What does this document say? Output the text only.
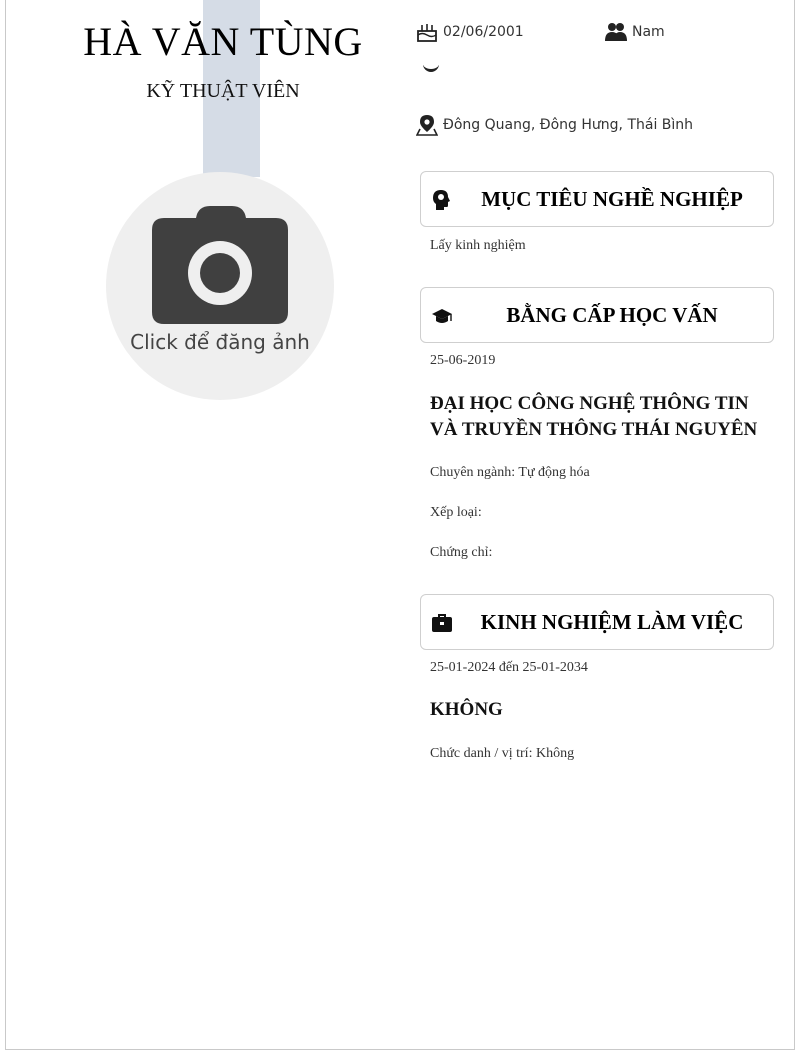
HÀ VĂN TÙNG
KỸ THUẬT VIÊN
Click để đăng ảnh
02/06/2001	Nam
Đông Quang, Đông Hưng, Thái Bình
MỤC TIÊU NGHỀ NGHIỆP
Lấy kinh nghiệm
BẰNG CẤP HỌC VẤN
25-06-2019
ĐẠI HỌC CÔNG NGHỆ THÔNG TIN VÀ TRUYỀN THÔNG THÁI NGUYÊN
Chuyên ngành: Tự động hóa
Xếp loại:
Chứng chỉ:
KINH NGHIỆM LÀM VIỆC
25-01-2024 đến 25-01-2034
KHÔNG
Chức danh / vị trí: Không
